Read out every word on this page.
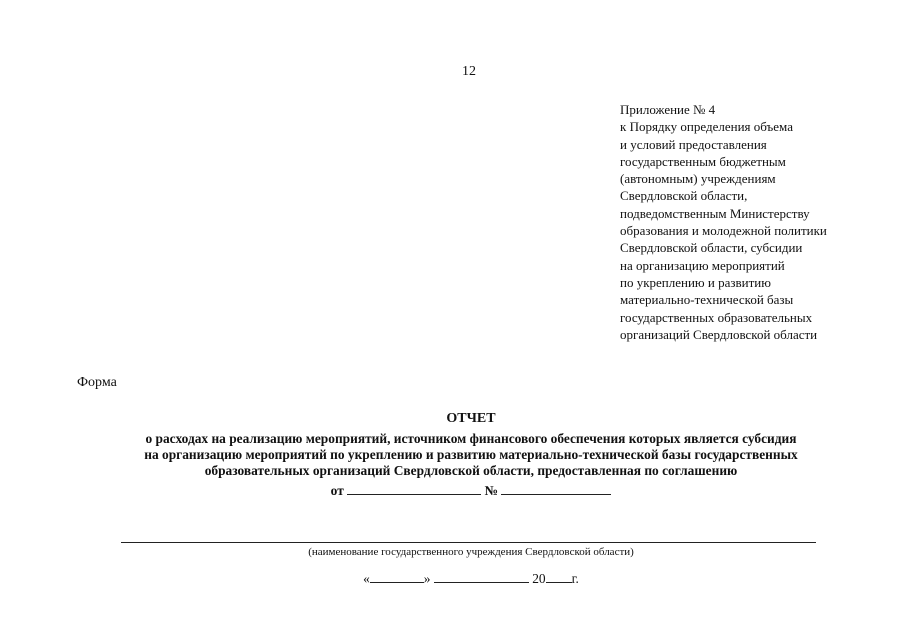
12
Приложение № 4
к Порядку определения объема
и условий предоставления
государственным бюджетным
(автономным) учреждениям
Свердловской области,
подведомственным Министерству
образования и молодежной политики
Свердловской области, субсидии
на организацию мероприятий
по укреплению и развитию
материально-технической базы
государственных образовательных
организаций Свердловской области
Форма
ОТЧЕТ
о расходах на реализацию мероприятий, источником финансового обеспечения которых является субсидия
на организацию мероприятий по укреплению и развитию материально-технической базы государственных
образовательных организаций Свердловской области, предоставленная по соглашению
от	№
(наименование государственного учреждения Свердловской области)
«	»	20 г.
